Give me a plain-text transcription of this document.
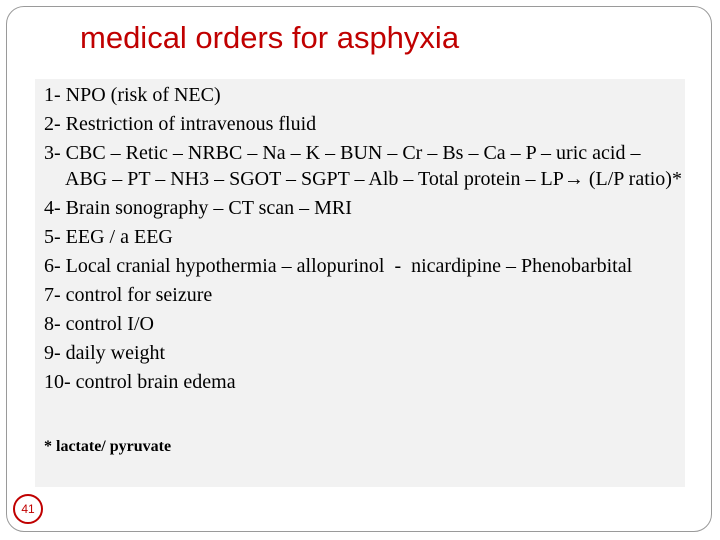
medical orders for asphyxia
1- NPO (risk of NEC)
2- Restriction of intravenous fluid
3- CBC – Retic – NRBC – Na – K – BUN – Cr – Bs – Ca – P – uric acid – ABG – PT – NH3 – SGOT – SGPT – Alb – Total protein – LP→ (L/P ratio)*
4- Brain sonography – CT scan – MRI
5- EEG / a EEG
6- Local cranial hypothermia – allopurinol  -  nicardipine – Phenobarbital
7- control for seizure
8- control I/O
9- daily weight
10- control brain edema
* lactate/ pyruvate
41
